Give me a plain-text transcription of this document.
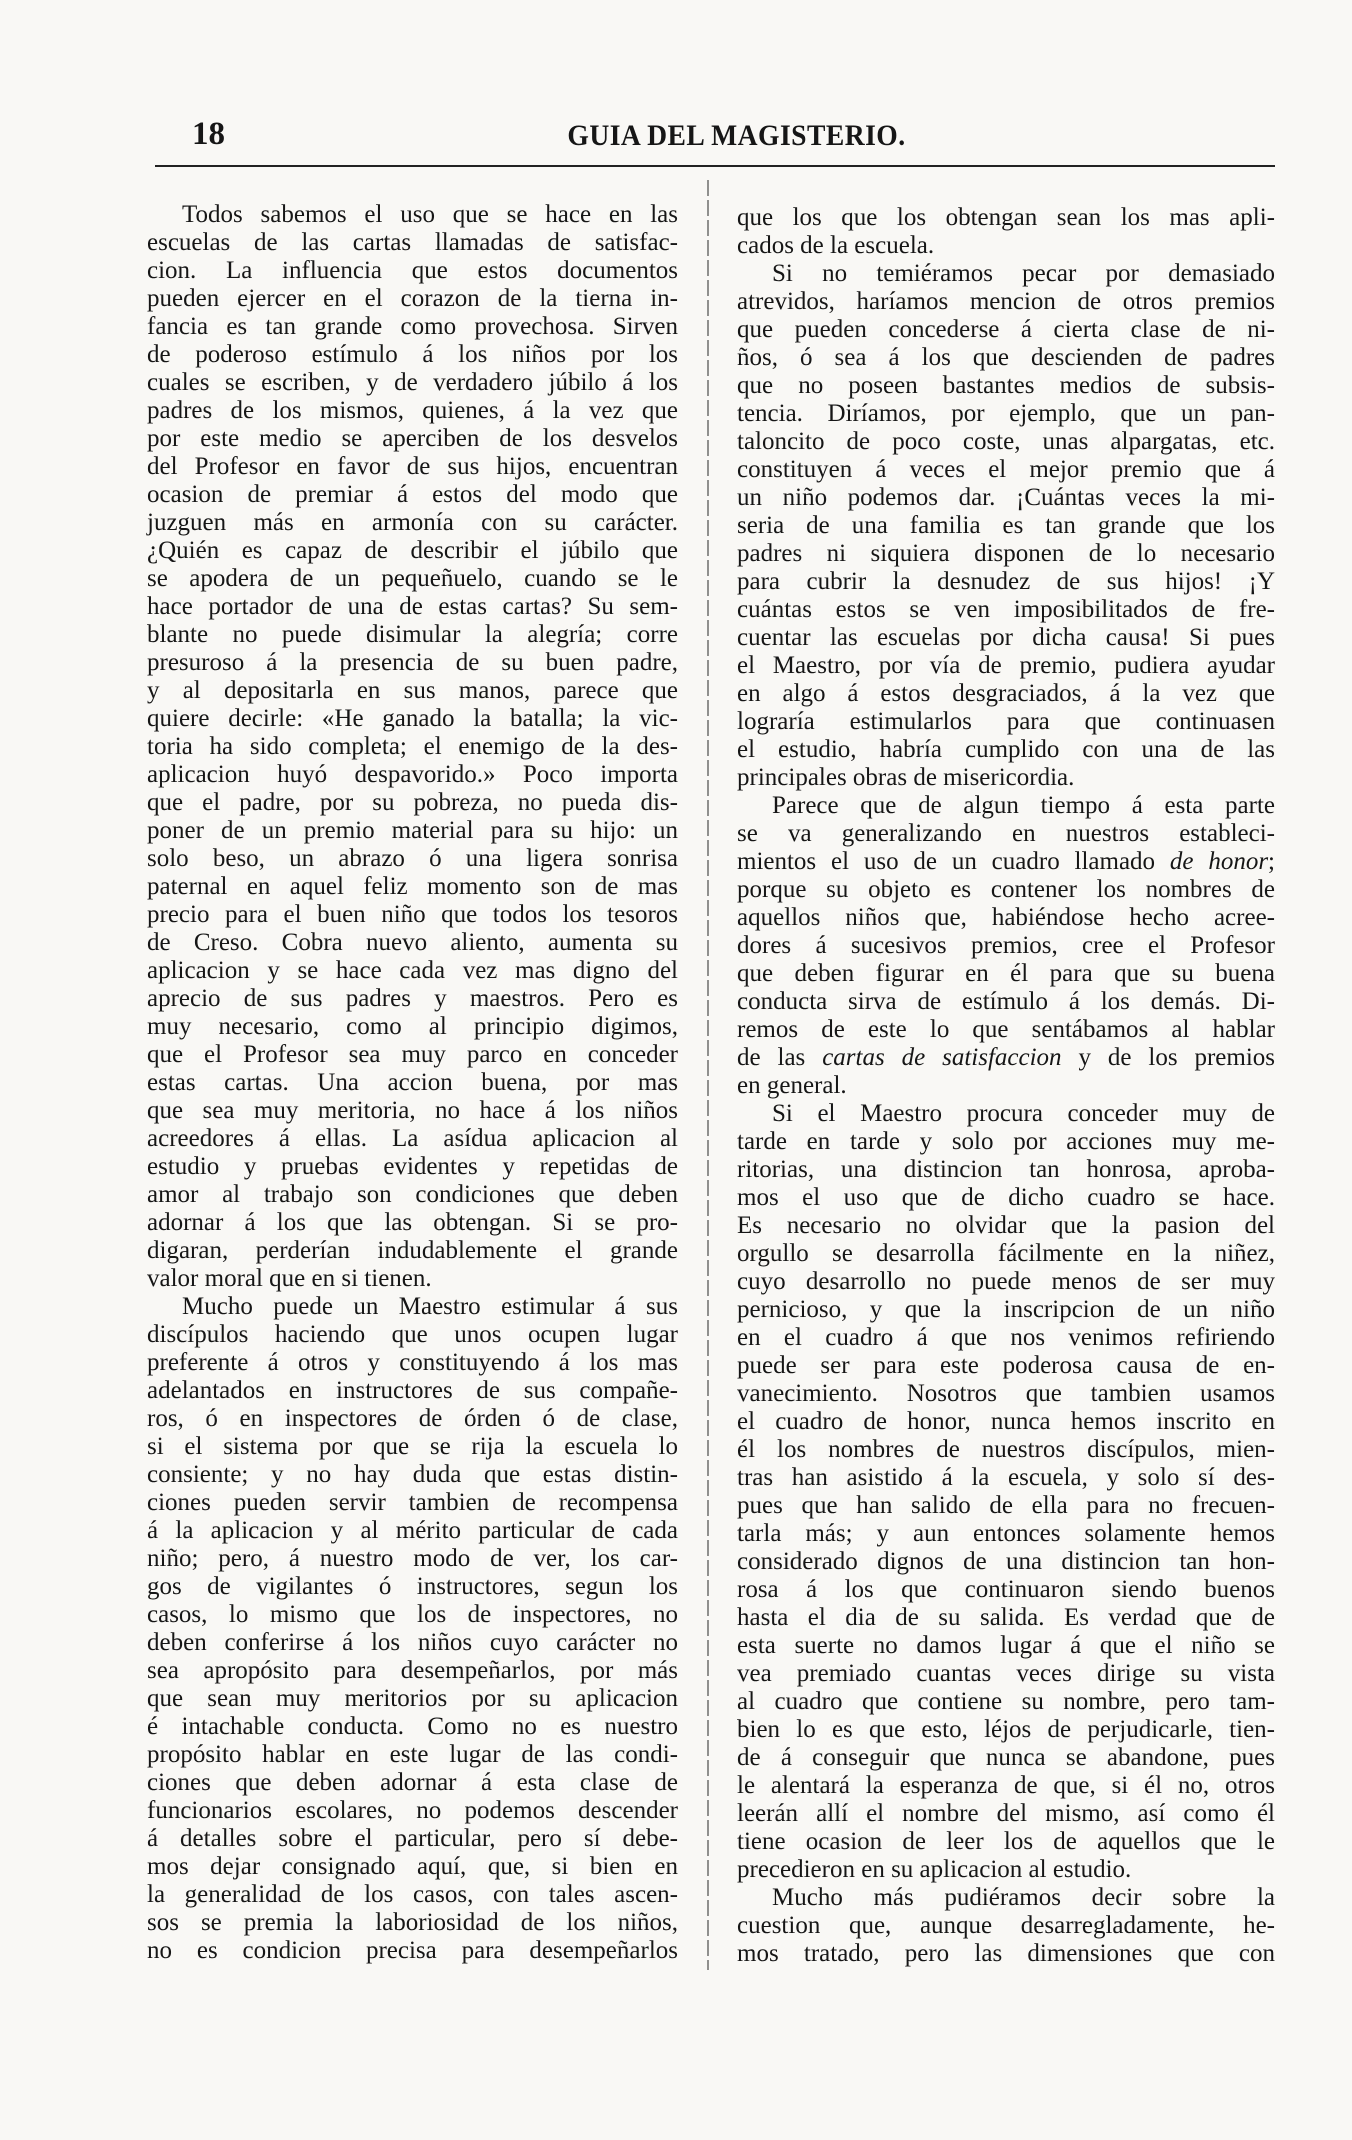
18	GUIA DEL MAGISTERIO.
Todos sabemos el uso que se hace en las
escuelas de las cartas llamadas de satisfac-
cion. La influencia que estos documentos
pueden ejercer en el corazon de la tierna in-
fancia es tan grande como provechosa. Sirven
de poderoso estímulo á los niños por los
cuales se escriben, y de verdadero júbilo á los
padres de los mismos, quienes, á la vez que
por este medio se aperciben de los desvelos
del Profesor en favor de sus hijos, encuentran
ocasion de premiar á estos del modo que
juzguen más en armonía con su carácter.
¿Quién es capaz de describir el júbilo que
se apodera de un pequeñuelo, cuando se le
hace portador de una de estas cartas? Su sem-
blante no puede disimular la alegría; corre
presuroso á la presencia de su buen padre,
y al depositarla en sus manos, parece que
quiere decirle: «He ganado la batalla; la vic-
toria ha sido completa; el enemigo de la des-
aplicacion huyó despavorido.» Poco importa
que el padre, por su pobreza, no pueda dis-
poner de un premio material para su hijo: un
solo beso, un abrazo ó una ligera sonrisa
paternal en aquel feliz momento son de mas
precio para el buen niño que todos los tesoros
de Creso. Cobra nuevo aliento, aumenta su
aplicacion y se hace cada vez mas digno del
aprecio de sus padres y maestros. Pero es
muy necesario, como al principio digimos,
que el Profesor sea muy parco en conceder
estas cartas. Una accion buena, por mas
que sea muy meritoria, no hace á los niños
acreedores á ellas. La asídua aplicacion al
estudio y pruebas evidentes y repetidas de
amor al trabajo son condiciones que deben
adornar á los que las obtengan. Si se pro-
digaran, perderían indudablemente el grande
valor moral que en si tienen.
Mucho puede un Maestro estimular á sus
discípulos haciendo que unos ocupen lugar
preferente á otros y constituyendo á los mas
adelantados en instructores de sus compañe-
ros, ó en inspectores de órden ó de clase,
si el sistema por que se rija la escuela lo
consiente; y no hay duda que estas distin-
ciones pueden servir tambien de recompensa
á la aplicacion y al mérito particular de cada
niño; pero, á nuestro modo de ver, los car-
gos de vigilantes ó instructores, segun los
casos, lo mismo que los de inspectores, no
deben conferirse á los niños cuyo carácter no
sea apropósito para desempeñarlos, por más
que sean muy meritorios por su aplicacion
é intachable conducta. Como no es nuestro
propósito hablar en este lugar de las condi-
ciones que deben adornar á esta clase de
funcionarios escolares, no podemos descender
á detalles sobre el particular, pero sí debe-
mos dejar consignado aquí, que, si bien en
la generalidad de los casos, con tales ascen-
sos se premia la laboriosidad de los niños,
no es condicion precisa para desempeñarlos
que los que los obtengan sean los mas apli-
cados de la escuela.
Si no temiéramos pecar por demasiado
atrevidos, haríamos mencion de otros premios
que pueden concederse á cierta clase de ni-
ños, ó sea á los que descienden de padres
que no poseen bastantes medios de subsis-
tencia. Diríamos, por ejemplo, que un pan-
taloncito de poco coste, unas alpargatas, etc.
constituyen á veces el mejor premio que á
un niño podemos dar. ¡Cuántas veces la mi-
seria de una familia es tan grande que los
padres ni siquiera disponen de lo necesario
para cubrir la desnudez de sus hijos! ¡Y
cuántas estos se ven imposibilitados de fre-
cuentar las escuelas por dicha causa! Si pues
el Maestro, por vía de premio, pudiera ayudar
en algo á estos desgraciados, á la vez que
lograría estimularlos para que continuasen
el estudio, habría cumplido con una de las
principales obras de misericordia.
Parece que de algun tiempo á esta parte
se va generalizando en nuestros estableci-
mientos el uso de un cuadro llamado de honor;
porque su objeto es contener los nombres de
aquellos niños que, habiéndose hecho acree-
dores á sucesivos premios, cree el Profesor
que deben figurar en él para que su buena
conducta sirva de estímulo á los demás. Di-
remos de este lo que sentábamos al hablar
de las cartas de satisfaccion y de los premios
en general.
Si el Maestro procura conceder muy de
tarde en tarde y solo por acciones muy me-
ritorias, una distincion tan honrosa, aproba-
mos el uso que de dicho cuadro se hace.
Es necesario no olvidar que la pasion del
orgullo se desarrolla fácilmente en la niñez,
cuyo desarrollo no puede menos de ser muy
pernicioso, y que la inscripcion de un niño
en el cuadro á que nos venimos refiriendo
puede ser para este poderosa causa de en-
vanecimiento. Nosotros que tambien usamos
el cuadro de honor, nunca hemos inscrito en
él los nombres de nuestros discípulos, mien-
tras han asistido á la escuela, y solo sí des-
pues que han salido de ella para no frecuen-
tarla más; y aun entonces solamente hemos
considerado dignos de una distincion tan hon-
rosa á los que continuaron siendo buenos
hasta el dia de su salida. Es verdad que de
esta suerte no damos lugar á que el niño se
vea premiado cuantas veces dirige su vista
al cuadro que contiene su nombre, pero tam-
bien lo es que esto, léjos de perjudicarle, tien-
de á conseguir que nunca se abandone, pues
le alentará la esperanza de que, si él no, otros
leerán allí el nombre del mismo, así como él
tiene ocasion de leer los de aquellos que le
precedieron en su aplicacion al estudio.
Mucho más pudiéramos decir sobre la
cuestion que, aunque desarregladamente, he-
mos tratado, pero las dimensiones que con
